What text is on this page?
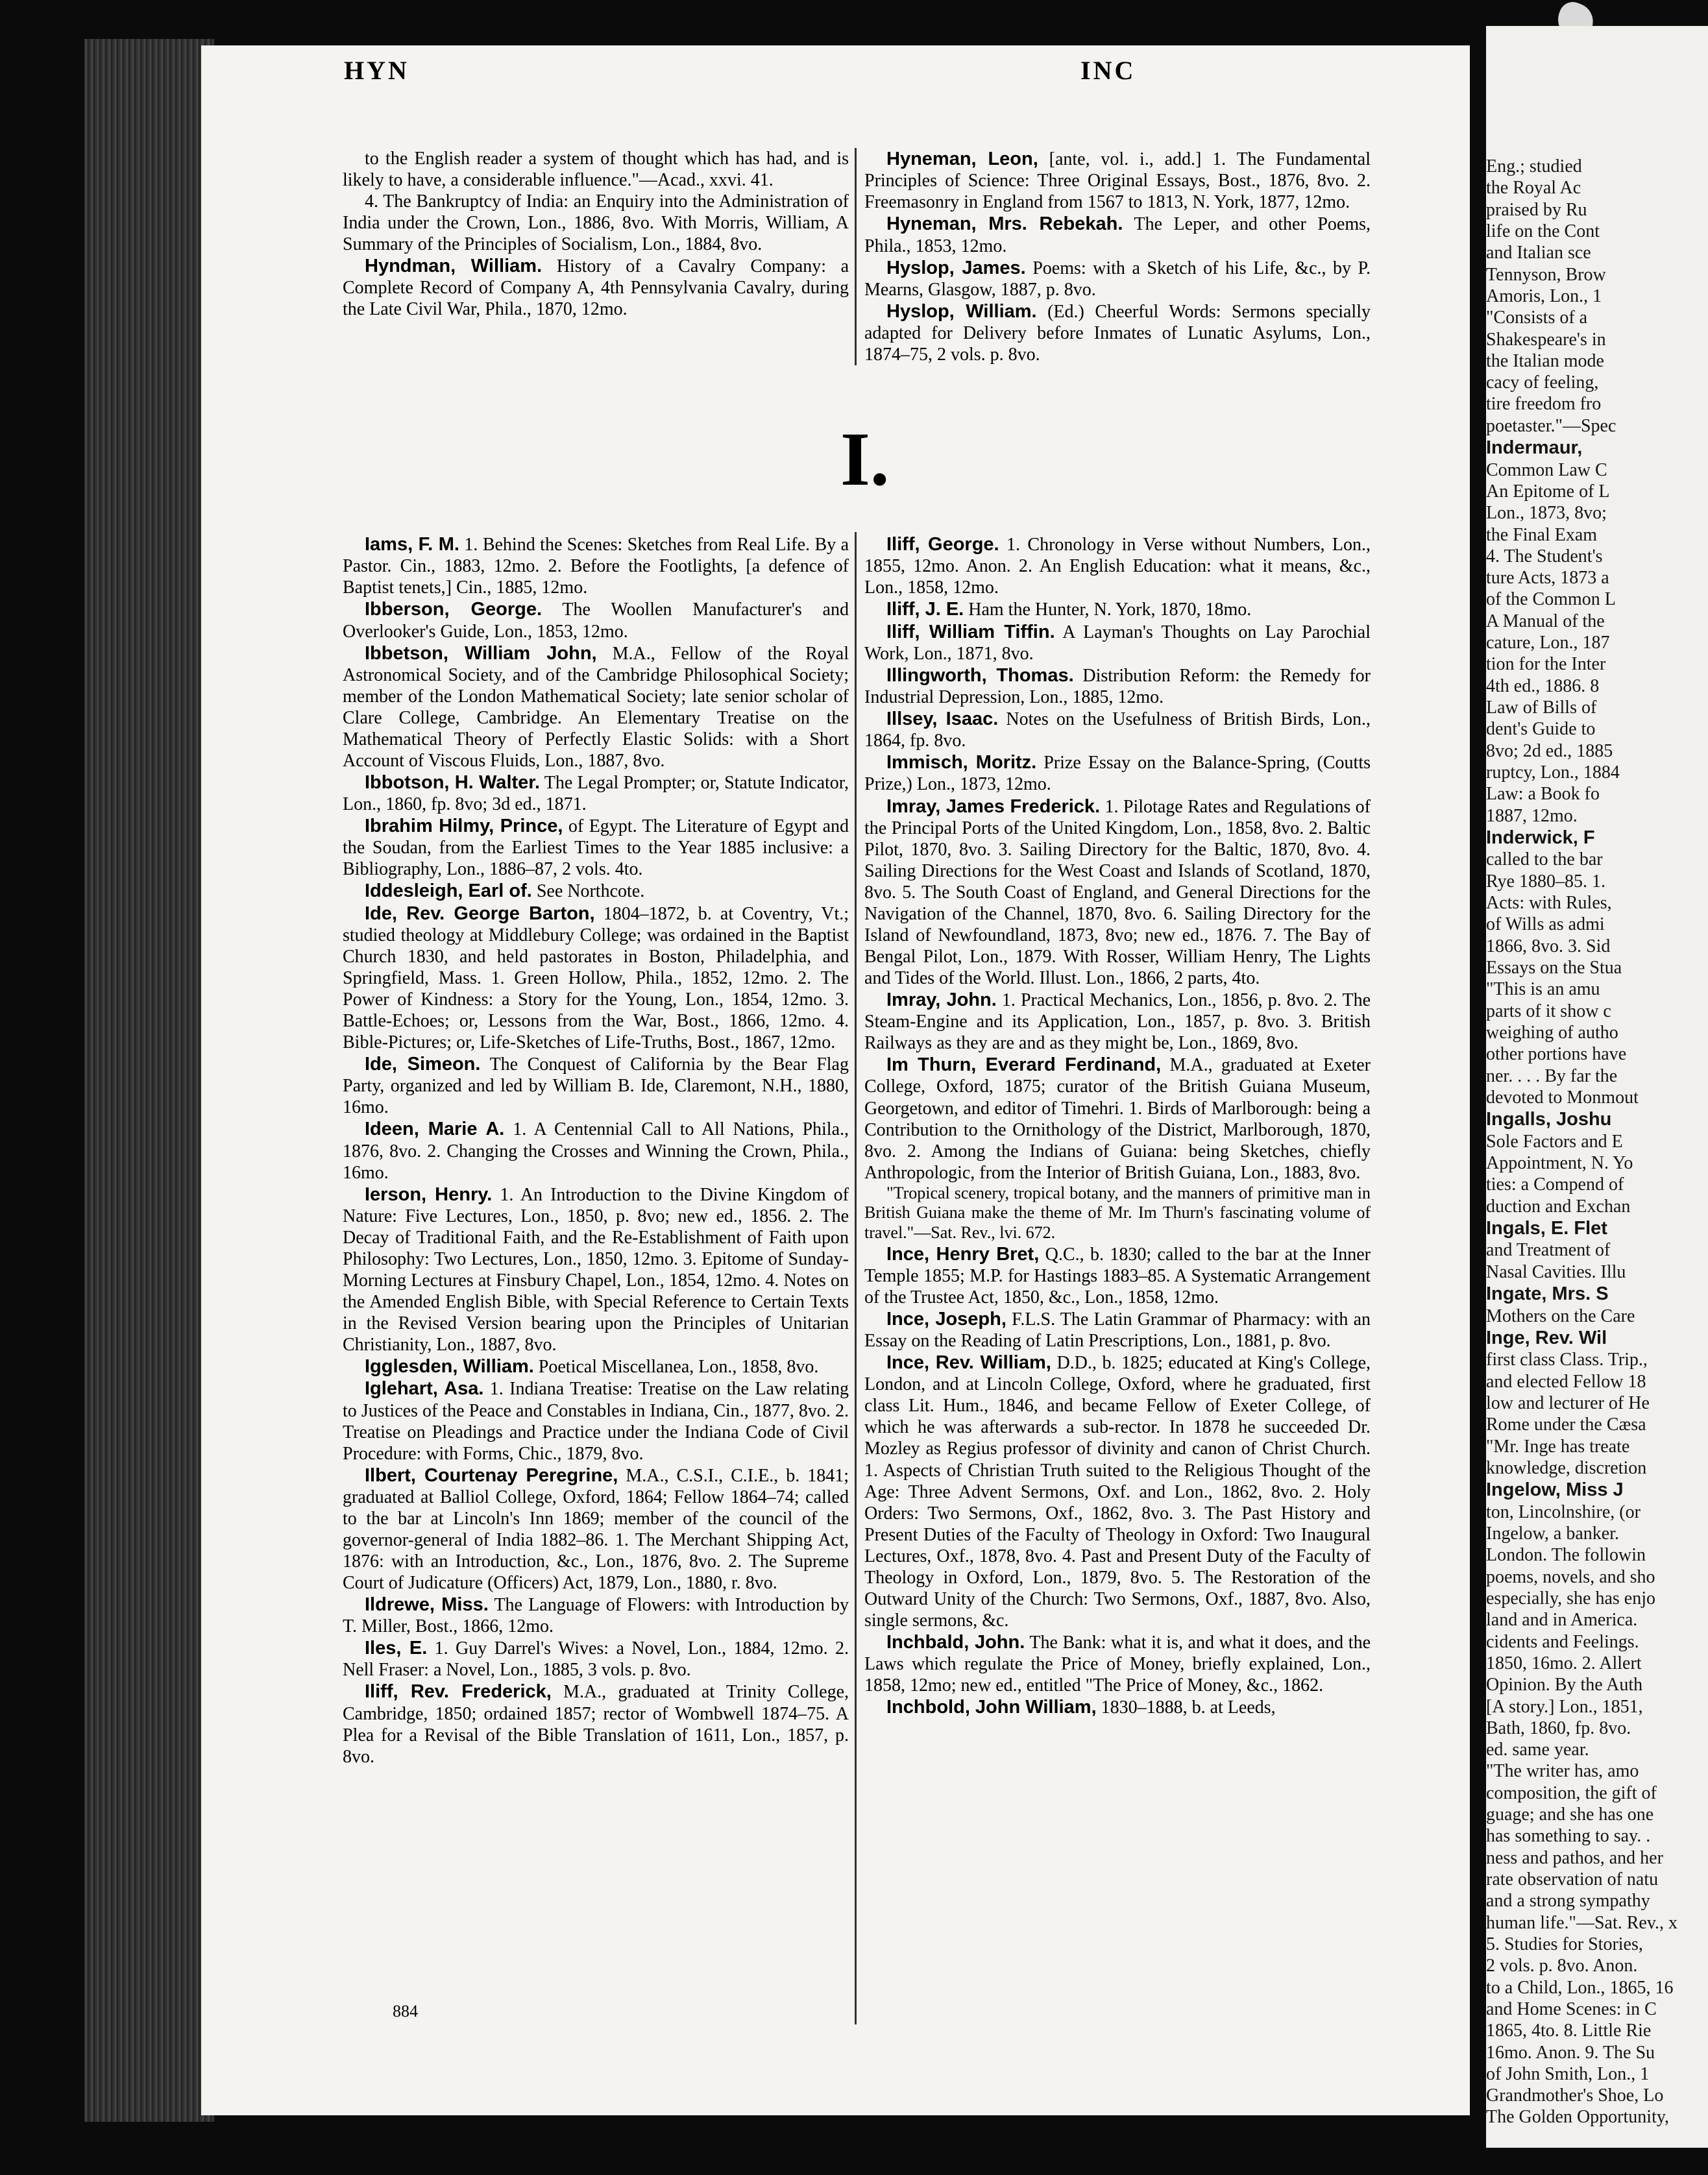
HYN	INC

to the English reader a system of thought which has had, and is likely to have, a considerable influence."—Acad., xxvi. 41.

4. The Bankruptcy of India: an Enquiry into the Administration of India under the Crown, Lon., 1886, 8vo. With Morris, William, A Summary of the Principles of Socialism, Lon., 1884, 8vo.

Hyndman, William. History of a Cavalry Company: a Complete Record of Company A, 4th Pennsylvania Cavalry, during the Late Civil War, Phila., 1870, 12mo.

Hyneman, Leon, [ante, vol. i., add.] 1. The Fundamental Principles of Science: Three Original Essays, Bost., 1876, 8vo. 2. Freemasonry in England from 1567 to 1813, N. York, 1877, 12mo.

Hyneman, Mrs. Rebekah. The Leper, and other Poems, Phila., 1853, 12mo.

Hyslop, James. Poems: with a Sketch of his Life, &c., by P. Mearns, Glasgow, 1887, p. 8vo.

Hyslop, William. (Ed.) Cheerful Words: Sermons specially adapted for Delivery before Inmates of Lunatic Asylums, Lon., 1874–75, 2 vols. p. 8vo.

I.

Iams, F. M. 1. Behind the Scenes: Sketches from Real Life. By a Pastor. Cin., 1883, 12mo. 2. Before the Footlights, [a defence of Baptist tenets,] Cin., 1885, 12mo.

Ibberson, George. The Woollen Manufacturer's and Overlooker's Guide, Lon., 1853, 12mo.

Ibbetson, William John, M.A., Fellow of the Royal Astronomical Society, and of the Cambridge Philosophical Society; member of the London Mathematical Society; late senior scholar of Clare College, Cambridge. An Elementary Treatise on the Mathematical Theory of Perfectly Elastic Solids: with a Short Account of Viscous Fluids, Lon., 1887, 8vo.

Ibbotson, H. Walter. The Legal Prompter; or, Statute Indicator, Lon., 1860, fp. 8vo; 3d ed., 1871.

Ibrahim Hilmy, Prince, of Egypt. The Literature of Egypt and the Soudan, from the Earliest Times to the Year 1885 inclusive: a Bibliography, Lon., 1886–87, 2 vols. 4to.

Iddesleigh, Earl of. See Northcote.

Ide, Rev. George Barton, 1804–1872, b. at Coventry, Vt.; studied theology at Middlebury College; was ordained in the Baptist Church 1830, and held pastorates in Boston, Philadelphia, and Springfield, Mass. 1. Green Hollow, Phila., 1852, 12mo. 2. The Power of Kindness: a Story for the Young, Lon., 1854, 12mo. 3. Battle-Echoes; or, Lessons from the War, Bost., 1866, 12mo. 4. Bible-Pictures; or, Life-Sketches of Life-Truths, Bost., 1867, 12mo.

Ide, Simeon. The Conquest of California by the Bear Flag Party, organized and led by William B. Ide, Claremont, N.H., 1880, 16mo.

Ideen, Marie A. 1. A Centennial Call to All Nations, Phila., 1876, 8vo. 2. Changing the Crosses and Winning the Crown, Phila., 16mo.

Ierson, Henry. 1. An Introduction to the Divine Kingdom of Nature: Five Lectures, Lon., 1850, p. 8vo; new ed., 1856. 2. The Decay of Traditional Faith, and the Re-Establishment of Faith upon Philosophy: Two Lectures, Lon., 1850, 12mo. 3. Epitome of Sunday-Morning Lectures at Finsbury Chapel, Lon., 1854, 12mo. 4. Notes on the Amended English Bible, with Special Reference to Certain Texts in the Revised Version bearing upon the Principles of Unitarian Christianity, Lon., 1887, 8vo.

Igglesden, William. Poetical Miscellanea, Lon., 1858, 8vo.

Iglehart, Asa. 1. Indiana Treatise: Treatise on the Law relating to Justices of the Peace and Constables in Indiana, Cin., 1877, 8vo. 2. Treatise on Pleadings and Practice under the Indiana Code of Civil Procedure: with Forms, Chic., 1879, 8vo.

Ilbert, Courtenay Peregrine, M.A., C.S.I., C.I.E., b. 1841; graduated at Balliol College, Oxford, 1864; Fellow 1864–74; called to the bar at Lincoln's Inn 1869; member of the council of the governor-general of India 1882–86. 1. The Merchant Shipping Act, 1876: with an Introduction, &c., Lon., 1876, 8vo. 2. The Supreme Court of Judicature (Officers) Act, 1879, Lon., 1880, r. 8vo.

Ildrewe, Miss. The Language of Flowers: with Introduction by T. Miller, Bost., 1866, 12mo.

Iles, E. 1. Guy Darrel's Wives: a Novel, Lon., 1884, 12mo. 2. Nell Fraser: a Novel, Lon., 1885, 3 vols. p. 8vo.

Iliff, Rev. Frederick, M.A., graduated at Trinity College, Cambridge, 1850; ordained 1857; rector of Wombwell 1874–75. A Plea for a Revisal of the Bible Translation of 1611, Lon., 1857, p. 8vo.

Iliff, George. 1. Chronology in Verse without Numbers, Lon., 1855, 12mo. Anon. 2. An English Education: what it means, &c., Lon., 1858, 12mo.

Iliff, J. E. Ham the Hunter, N. York, 1870, 18mo.

Iliff, William Tiffin. A Layman's Thoughts on Lay Parochial Work, Lon., 1871, 8vo.

Illingworth, Thomas. Distribution Reform: the Remedy for Industrial Depression, Lon., 1885, 12mo.

Illsey, Isaac. Notes on the Usefulness of British Birds, Lon., 1864, fp. 8vo.

Immisch, Moritz. Prize Essay on the Balance-Spring, (Coutts Prize,) Lon., 1873, 12mo.

Imray, James Frederick. 1. Pilotage Rates and Regulations of the Principal Ports of the United Kingdom, Lon., 1858, 8vo. 2. Baltic Pilot, 1870, 8vo. 3. Sailing Directory for the Baltic, 1870, 8vo. 4. Sailing Directions for the West Coast and Islands of Scotland, 1870, 8vo. 5. The South Coast of England, and General Directions for the Navigation of the Channel, 1870, 8vo. 6. Sailing Directory for the Island of Newfoundland, 1873, 8vo; new ed., 1876. 7. The Bay of Bengal Pilot, Lon., 1879. With Rosser, William Henry, The Lights and Tides of the World. Illust. Lon., 1866, 2 parts, 4to.

Imray, John. 1. Practical Mechanics, Lon., 1856, p. 8vo. 2. The Steam-Engine and its Application, Lon., 1857, p. 8vo. 3. British Railways as they are and as they might be, Lon., 1869, 8vo.

Im Thurn, Everard Ferdinand, M.A., graduated at Exeter College, Oxford, 1875; curator of the British Guiana Museum, Georgetown, and editor of Timehri. 1. Birds of Marlborough: being a Contribution to the Ornithology of the District, Marlborough, 1870, 8vo. 2. Among the Indians of Guiana: being Sketches, chiefly Anthropologic, from the Interior of British Guiana, Lon., 1883, 8vo.

"Tropical scenery, tropical botany, and the manners of primitive man in British Guiana make the theme of Mr. Im Thurn's fascinating volume of travel."—Sat. Rev., lvi. 672.

Ince, Henry Bret, Q.C., b. 1830; called to the bar at the Inner Temple 1855; M.P. for Hastings 1883–85. A Systematic Arrangement of the Trustee Act, 1850, &c., Lon., 1858, 12mo.

Ince, Joseph, F.L.S. The Latin Grammar of Pharmacy: with an Essay on the Reading of Latin Prescriptions, Lon., 1881, p. 8vo.

Ince, Rev. William, D.D., b. 1825; educated at King's College, London, and at Lincoln College, Oxford, where he graduated, first class Lit. Hum., 1846, and became Fellow of Exeter College, of which he was afterwards a sub-rector. In 1878 he succeeded Dr. Mozley as Regius professor of divinity and canon of Christ Church. 1. Aspects of Christian Truth suited to the Religious Thought of the Age: Three Advent Sermons, Oxf. and Lon., 1862, 8vo. 2. Holy Orders: Two Sermons, Oxf., 1862, 8vo. 3. The Past History and Present Duties of the Faculty of Theology in Oxford: Two Inaugural Lectures, Oxf., 1878, 8vo. 4. Past and Present Duty of the Faculty of Theology in Oxford, Lon., 1879, 8vo. 5. The Restoration of the Outward Unity of the Church: Two Sermons, Oxf., 1887, 8vo. Also, single sermons, &c.

Inchbald, John. The Bank: what it is, and what it does, and the Laws which regulate the Price of Money, briefly explained, Lon., 1858, 12mo; new ed., entitled "The Price of Money, &c., 1862.

Inchbold, John William, 1830–1888, b. at Leeds,

884

Eng.; studied

the Royal Ac

praised by Ru

life on the Cont

and Italian sce

Tennyson, Brow

Amoris, Lon., 1

"Consists of a

Shakespeare's in

the Italian mode

cacy of feeling,

tire freedom fro

poetaster."—Spec

Indermaur,

Common Law C

An Epitome of L

Lon., 1873, 8vo;

the Final Exam

4. The Student's

ture Acts, 1873 a

of the Common L

A Manual of the

cature, Lon., 187

tion for the Inter

4th ed., 1886. 8

Law of Bills of

dent's Guide to

8vo; 2d ed., 1885

ruptcy, Lon., 1884

Law: a Book fo

1887, 12mo.

Inderwick, F

called to the bar

Rye 1880–85. 1.

Acts: with Rules,

of Wills as admi

1866, 8vo. 3. Sid

Essays on the Stua

"This is an amu

parts of it show c

weighing of autho

other portions have

ner. . . . By far the

devoted to Monmout

Ingalls, Joshu

Sole Factors and E

Appointment, N. Yo

ties: a Compend of

duction and Exchan

Ingals, E. Flet

and Treatment of

Nasal Cavities. Illu

Ingate, Mrs. S

Mothers on the Care

Inge, Rev. Wil

first class Class. Trip.,

and elected Fellow 18

low and lecturer of He

Rome under the Cæsa

"Mr. Inge has treate

knowledge, discretion

Ingelow, Miss J

ton, Lincolnshire, (or

Ingelow, a banker.

London. The followin

poems, novels, and sho

especially, she has enjo

land and in America.

cidents and Feelings.

1850, 16mo. 2. Allert

Opinion. By the Auth

[A story.] Lon., 1851,

Bath, 1860, fp. 8vo.

ed. same year.

"The writer has, amo

composition, the gift of

guage; and she has one

has something to say. .

ness and pathos, and her

rate observation of natu

and a strong sympathy

human life."—Sat. Rev., x

5. Studies for Stories,

2 vols. p. 8vo. Anon.

to a Child, Lon., 1865, 16

and Home Scenes: in C

1865, 4to. 8. Little Rie

16mo. Anon. 9. The Su

of John Smith, Lon., 1

Grandmother's Shoe, Lo

The Golden Opportunity,
